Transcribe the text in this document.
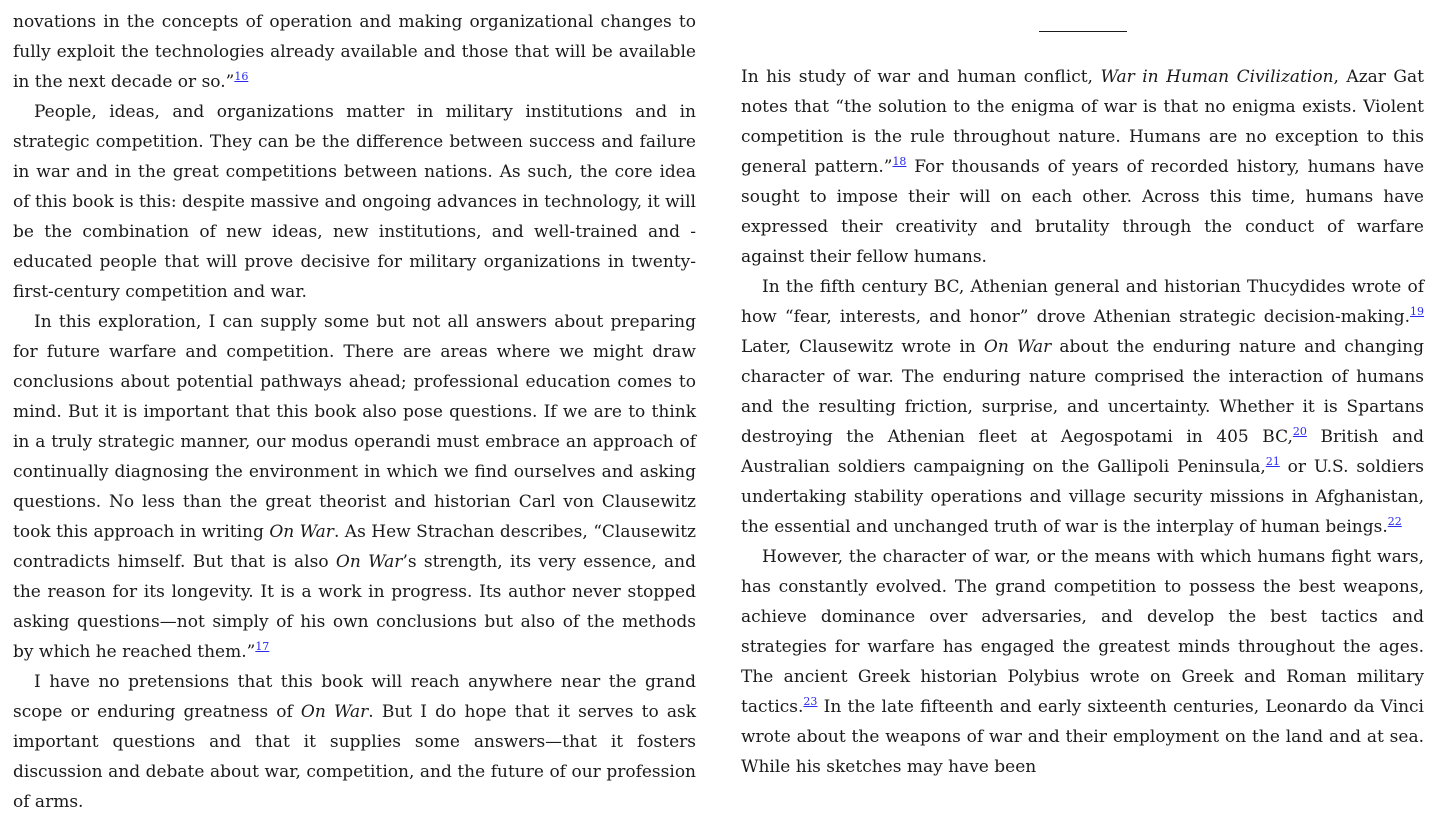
novations in the concepts of operation and making organizational changes to fully exploit the technologies already available and those that will be available in the next decade or so.”$^{16}$

People, ideas, and organizations matter in military institutions and in strategic competition. They can be the difference between success and failure in war and in the great competitions between nations. As such, the core idea of this book is this: despite massive and ongoing advances in technology, it will be the combination of new ideas, new institutions, and well-trained and -educated people that will prove decisive for military organizations in twenty-first-century competition and war.

In this exploration, I can supply some but not all answers about preparing for future warfare and competition. There are areas where we might draw conclusions about potential pathways ahead; professional education comes to mind. But it is important that this book also pose questions. If we are to think in a truly strategic manner, our modus operandi must embrace an approach of continually diagnosing the environment in which we find ourselves and asking questions. No less than the great theorist and historian Carl von Clausewitz took this approach in writing On War. As Hew Strachan describes, “Clausewitz contradicts himself. But that is also On War’s strength, its very essence, and the reason for its longevity. It is a work in progress. Its author never stopped asking questions—not simply of his own conclusions but also of the methods by which he reached them.”$^{17}$

I have no pretensions that this book will reach anywhere near the grand scope or enduring greatness of On War. But I do hope that it serves to ask important questions and that it supplies some answers—that it fosters discussion and debate about war, competition, and the future of our profession of arms.

In his study of war and human conflict, War in Human Civilization, Azar Gat notes that “the solution to the enigma of war is that no enigma exists. Violent competition is the rule throughout nature. Humans are no exception to this general pattern.”$^{18}$ For thousands of years of recorded history, humans have sought to impose their will on each other. Across this time, humans have expressed their creativity and brutality through the conduct of warfare against their fellow humans.

In the fifth century BC, Athenian general and historian Thucydides wrote of how “fear, interests, and honor” drove Athenian strategic decision-making.$^{19}$ Later, Clausewitz wrote in On War about the enduring nature and changing character of war. The enduring nature comprised the interaction of humans and the resulting friction, surprise, and uncertainty. Whether it is Spartans destroying the Athenian fleet at Aegospotami in 405 BC,$^{20}$ British and Australian soldiers campaigning on the Gallipoli Peninsula,$^{21}$ or U.S. soldiers undertaking stability operations and village security missions in Afghanistan, the essential and unchanged truth of war is the interplay of human beings.$^{22}$

However, the character of war, or the means with which humans fight wars, has constantly evolved. The grand competition to possess the best weapons, achieve dominance over adversaries, and develop the best tactics and strategies for warfare has engaged the greatest minds throughout the ages. The ancient Greek historian Polybius wrote on Greek and Roman military tactics.$^{23}$ In the late fifteenth and early sixteenth centuries, Leonardo da Vinci wrote about the weapons of war and their employment on the land and at sea. While his sketches may have been
